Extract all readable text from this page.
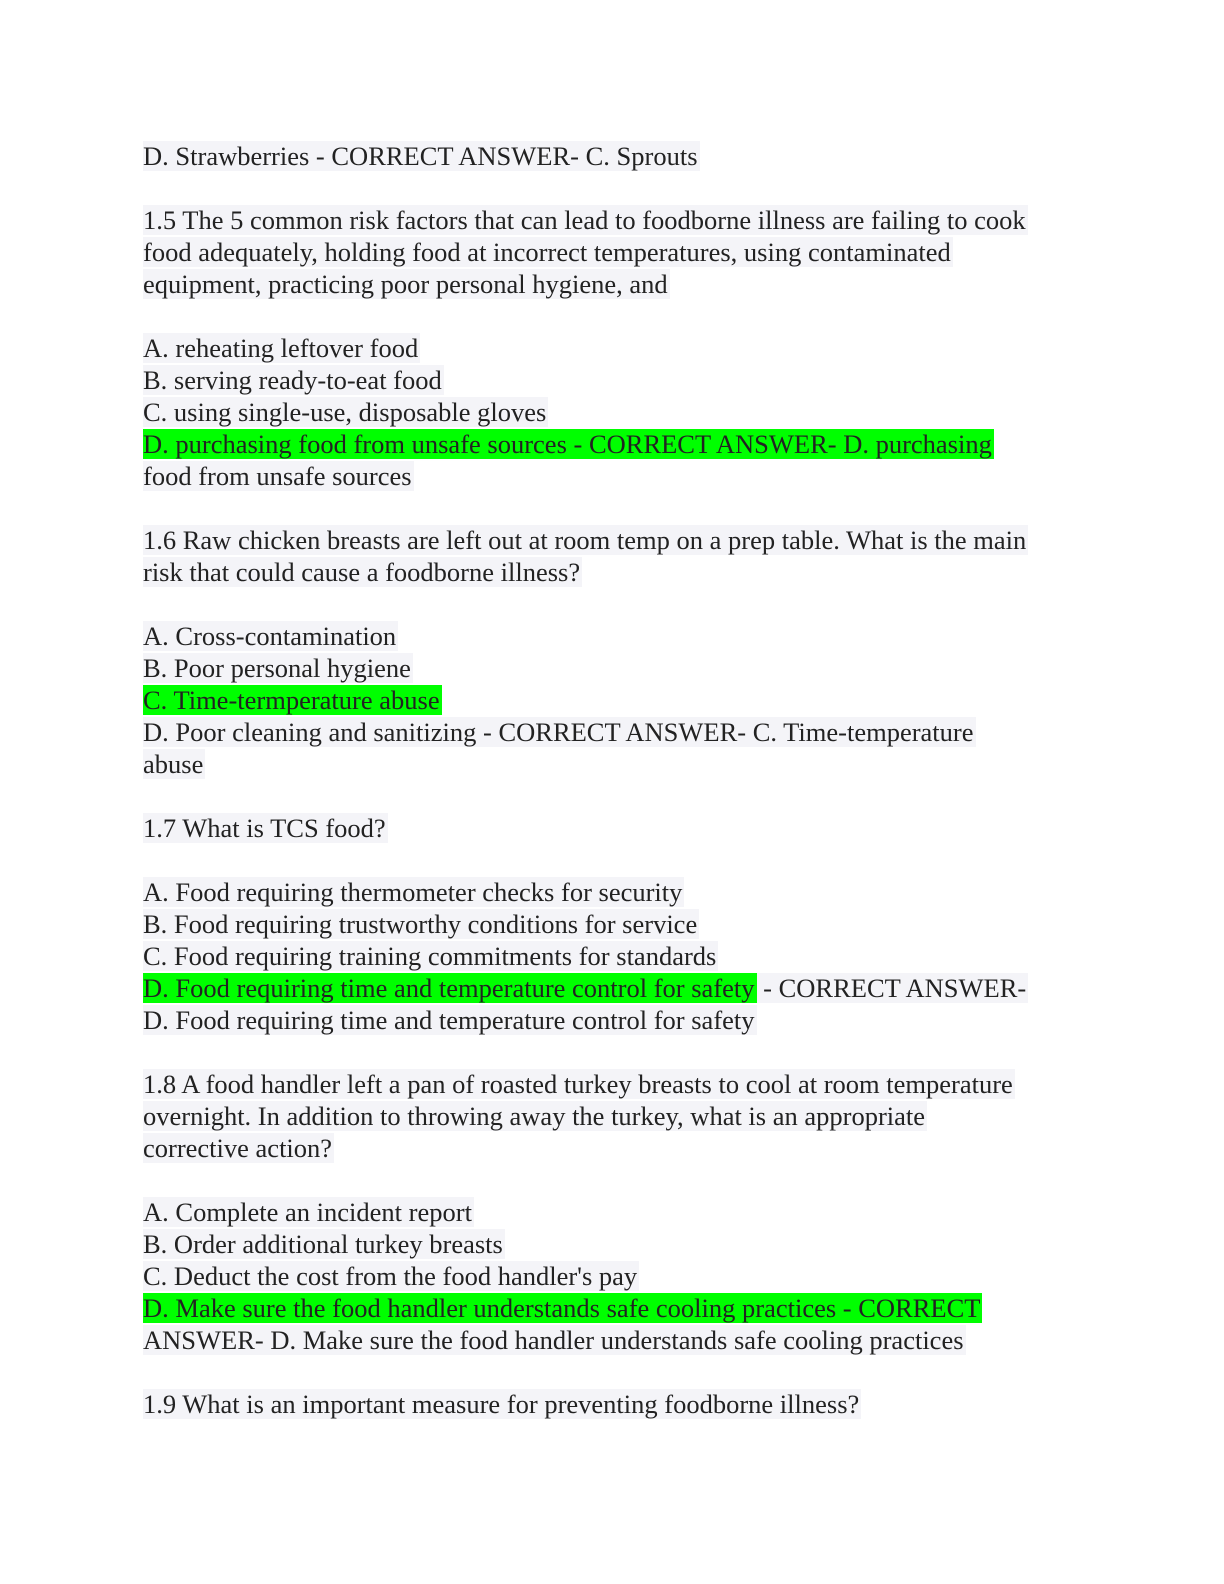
D. Strawberries - CORRECT ANSWER- C. Sprouts
1.5 The 5 common risk factors that can lead to foodborne illness are failing to cook
food adequately, holding food at incorrect temperatures, using contaminated
equipment, practicing poor personal hygiene, and
A. reheating leftover food
B. serving ready-to-eat food
C. using single-use, disposable gloves
D. purchasing food from unsafe sources - CORRECT ANSWER- D. purchasing
food from unsafe sources
1.6 Raw chicken breasts are left out at room temp on a prep table. What is the main
risk that could cause a foodborne illness?
A. Cross-contamination
B. Poor personal hygiene
C. Time-termperature abuse
D. Poor cleaning and sanitizing - CORRECT ANSWER- C. Time-temperature
abuse
1.7 What is TCS food?
A. Food requiring thermometer checks for security
B. Food requiring trustworthy conditions for service
C. Food requiring training commitments for standards
D. Food requiring time and temperature control for safety - CORRECT ANSWER-
D. Food requiring time and temperature control for safety
1.8 A food handler left a pan of roasted turkey breasts to cool at room temperature
overnight. In addition to throwing away the turkey, what is an appropriate
corrective action?
A. Complete an incident report
B. Order additional turkey breasts
C. Deduct the cost from the food handler's pay
D. Make sure the food handler understands safe cooling practices - CORRECT
ANSWER- D. Make sure the food handler understands safe cooling practices
1.9 What is an important measure for preventing foodborne illness?
